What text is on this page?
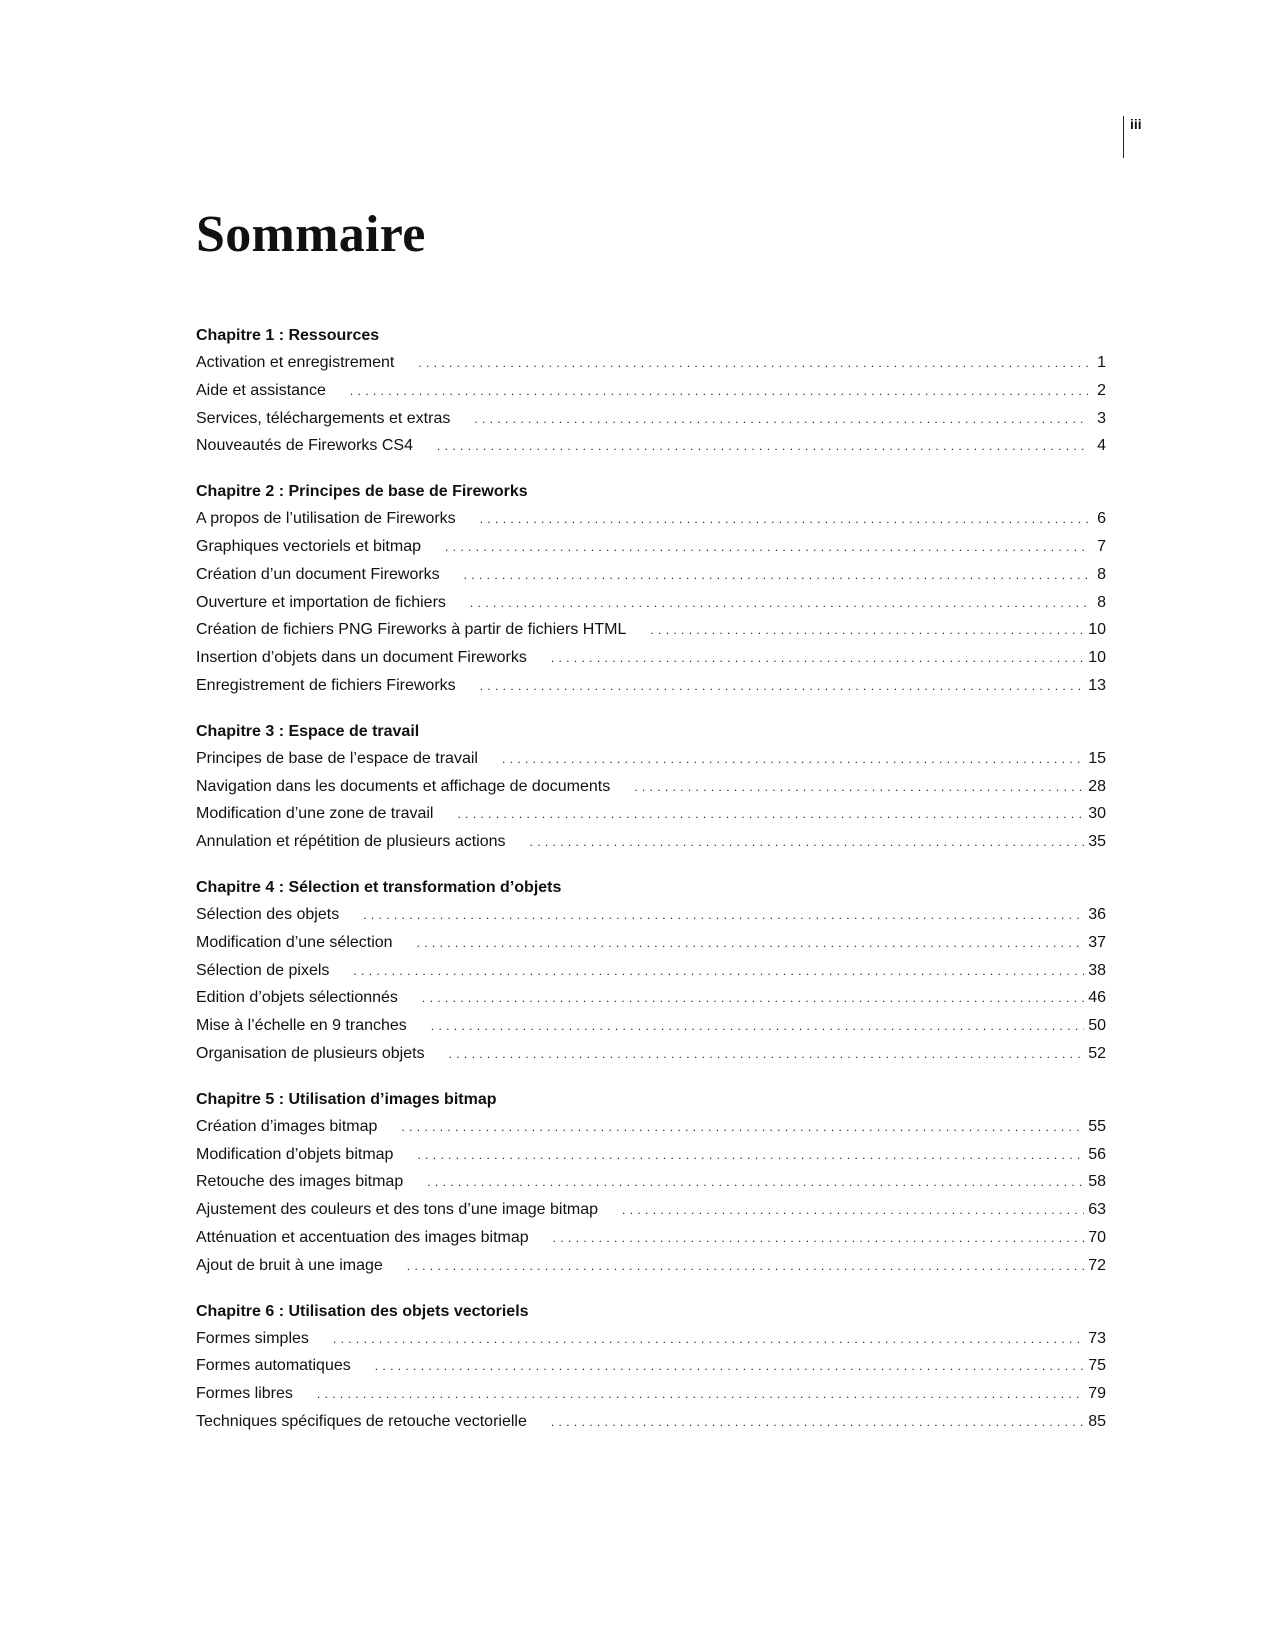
iii
Sommaire
Chapitre 1 : Ressources
Activation et enregistrement . . .	1
Aide et assistance . . .	2
Services, téléchargements et extras . . .	3
Nouveautés de Fireworks CS4 . . .	4
Chapitre 2 : Principes de base de Fireworks
A propos de l’utilisation de Fireworks . . .	6
Graphiques vectoriels et bitmap . . .	7
Création d’un document Fireworks . . .	8
Ouverture et importation de fichiers . . .	8
Création de fichiers PNG Fireworks à partir de fichiers HTML . . .	10
Insertion d’objets dans un document Fireworks . . .	10
Enregistrement de fichiers Fireworks . . .	13
Chapitre 3 : Espace de travail
Principes de base de l’espace de travail . . .	15
Navigation dans les documents et affichage de documents . . .	28
Modification d’une zone de travail . . .	30
Annulation et répétition de plusieurs actions . . .	35
Chapitre 4 : Sélection et transformation d’objets
Sélection des objets . . .	36
Modification d’une sélection . . .	37
Sélection de pixels . . .	38
Edition d’objets sélectionnés . . .	46
Mise à l’échelle en 9 tranches . . .	50
Organisation de plusieurs objets . . .	52
Chapitre 5 : Utilisation d’images bitmap
Création d’images bitmap . . .	55
Modification d’objets bitmap . . .	56
Retouche des images bitmap . . .	58
Ajustement des couleurs et des tons d’une image bitmap . . .	63
Atténuation et accentuation des images bitmap . . .	70
Ajout de bruit à une image . . .	72
Chapitre 6 : Utilisation des objets vectoriels
Formes simples . . .	73
Formes automatiques . . .	75
Formes libres . . .	79
Techniques spécifiques de retouche vectorielle . . .	85
